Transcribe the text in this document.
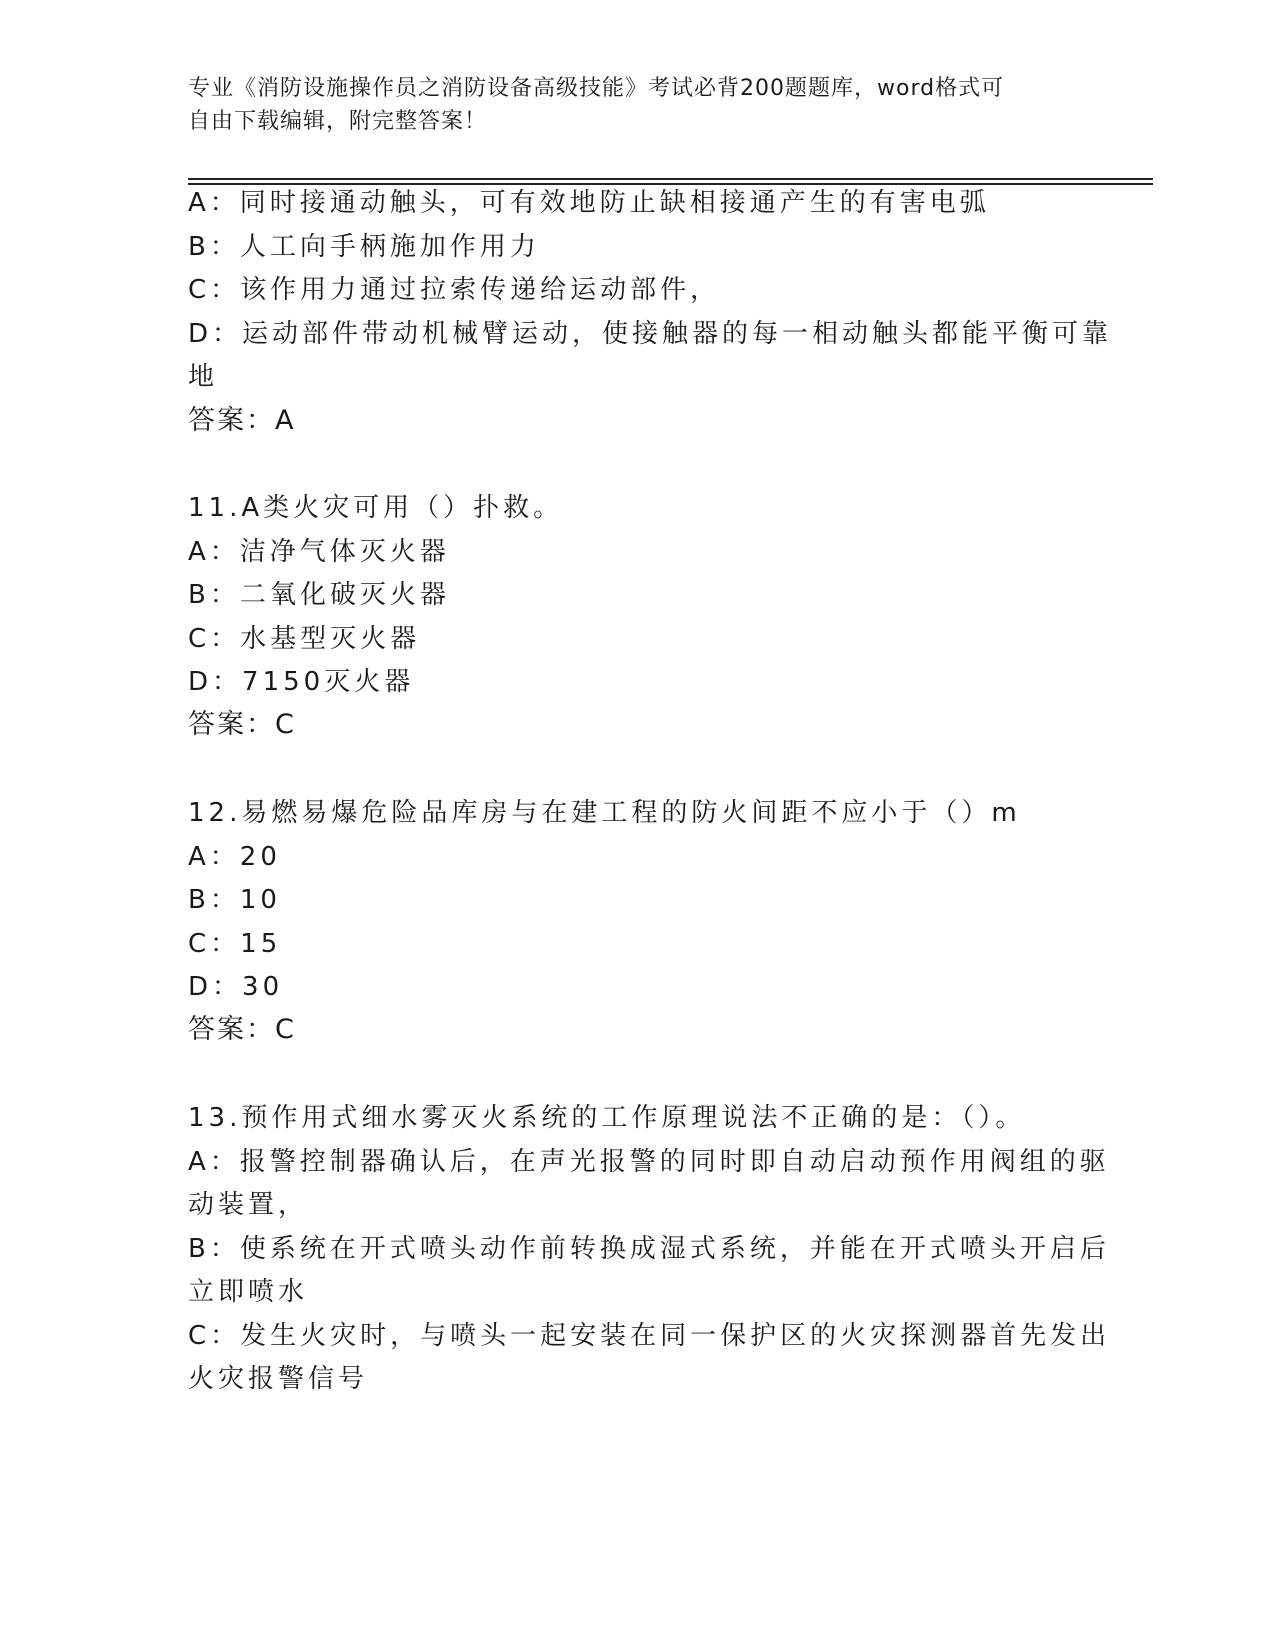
专业《消防设施操作员之消防设备高级技能》考试必背200题题库，word格式可
自由下载编辑，附完整答案！
A：同时接通动触头，可有效地防止缺相接通产生的有害电弧
B：人工向手柄施加作用力
C：该作用力通过拉索传递给运动部件，
D：运动部件带动机械臂运动，使接触器的每一相动触头都能平衡可靠
地
答案：A
11.A类火灾可用（）扑救。
A：洁净气体灭火器
B：二氧化破灭火器
C：水基型灭火器
D：7150灭火器
答案：C
12.易燃易爆危险品库房与在建工程的防火间距不应小于（）m
A：20
B：10
C：15
D：30
答案：C
13.预作用式细水雾灭火系统的工作原理说法不正确的是：（）。
A：报警控制器确认后，在声光报警的同时即自动启动预作用阀组的驱
动装置，
B：使系统在开式喷头动作前转换成湿式系统，并能在开式喷头开启后
立即喷水
C：发生火灾时，与喷头一起安装在同一保护区的火灾探测器首先发出
火灾报警信号
